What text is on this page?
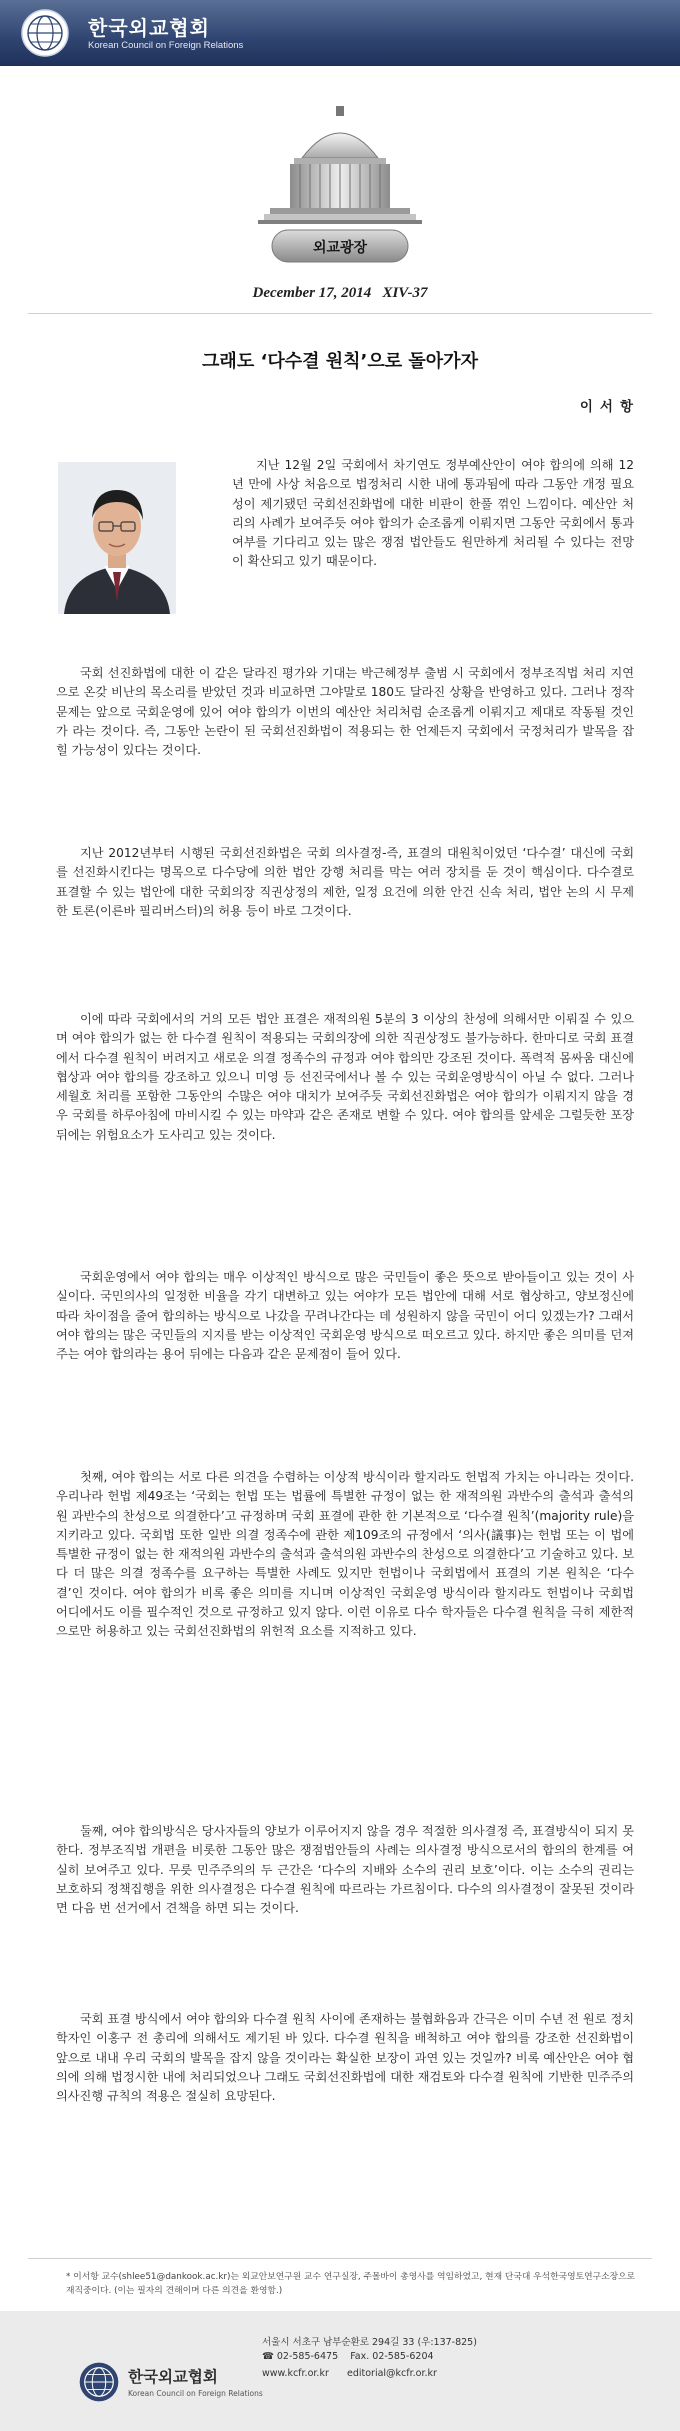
한국외교협회
Korean Council on Foreign Relations
외교광장
December 17, 2014 XIV-37
그래도 ‘다수결 원칙’으로 돌아가자
이서항

지난 12월 2일 국회에서 차기연도 정부예산안이 여야 합의에 의해 12년 만에 사상 처음으로 법정처리 시한 내에 통과됨에 따라 그동안 개정 필요성이 제기됐던 국회선진화법에 대한 비판이 한풀 꺾인 느낌이다. 예산안 처리의 사례가 보여주듯 여야 합의가 순조롭게 이뤄지면 그동안 국회에서 통과여부를 기다리고 있는 많은 쟁점 법안들도 원만하게 처리될 수 있다는 전망이 확산되고 있기 때문이다.

국회 선진화법에 대한 이 같은 달라진 평가와 기대는 박근혜정부 출범 시 국회에서 정부조직법 처리 지연으로 온갖 비난의 목소리를 받았던 것과 비교하면 그야말로 180도 달라진 상황을 반영하고 있다. 그러나 정작 문제는 앞으로 국회운영에 있어 여야 합의가 이번의 예산안 처리처럼 순조롭게 이뤄지고 제대로 작동될 것인가 라는 것이다. 즉, 그동안 논란이 된 국회선진화법이 적용되는 한 언제든지 국회에서 국정처리가 발목을 잡힐 가능성이 있다는 것이다.

지난 2012년부터 시행된 국회선진화법은 국회 의사결정-즉, 표결의 대원칙이었던 ‘다수결’ 대신에 국회를 선진화시킨다는 명목으로 다수당에 의한 법안 강행 처리를 막는 여러 장치를 둔 것이 핵심이다. 다수결로 표결할 수 있는 법안에 대한 국회의장 직권상정의 제한, 일정 요건에 의한 안건 신속 처리, 법안 논의 시 무제한 토론(이른바 필리버스터)의 허용 등이 바로 그것이다.

이에 따라 국회에서의 거의 모든 법안 표결은 재적의원 5분의 3 이상의 찬성에 의해서만 이뤄질 수 있으며 여야 합의가 없는 한 다수결 원칙이 적용되는 국회의장에 의한 직권상정도 불가능하다. 한마디로 국회 표결에서 다수결 원칙이 버려지고 새로운 의결 정족수의 규정과 여야 합의만 강조된 것이다. 폭력적 몸싸움 대신에 협상과 여야 합의를 강조하고 있으니 미영 등 선진국에서나 볼 수 있는 국회운영방식이 아닐 수 없다. 그러나 세월호 처리를 포함한 그동안의 수많은 여야 대치가 보여주듯 국회선진화법은 여야 합의가 이뤄지지 않을 경우 국회를 하루아침에 마비시킬 수 있는 마약과 같은 존재로 변할 수 있다. 여야 합의를 앞세운 그럴듯한 포장 뒤에는 위험요소가 도사리고 있는 것이다.

국회운영에서 여야 합의는 매우 이상적인 방식으로 많은 국민들이 좋은 뜻으로 받아들이고 있는 것이 사실이다. 국민의사의 일정한 비율을 각기 대변하고 있는 여야가 모든 법안에 대해 서로 협상하고, 양보정신에 따라 차이점을 줄여 합의하는 방식으로 나갔을 꾸려나간다는 데 성원하지 않을 국민이 어디 있겠는가? 그래서 여야 합의는 많은 국민들의 지지를 받는 이상적인 국회운영 방식으로 떠오르고 있다. 하지만 좋은 의미를 던져주는 여야 합의라는 용어 뒤에는 다음과 같은 문제점이 들어 있다.

첫째, 여야 합의는 서로 다른 의견을 수렴하는 이상적 방식이라 할지라도 헌법적 가치는 아니라는 것이다. 우리나라 헌법 제49조는 ‘국회는 헌법 또는 법률에 특별한 규정이 없는 한 재적의원 과반수의 출석과 출석의원 과반수의 찬성으로 의결한다’고 규정하며 국회 표결에 관한 한 기본적으로 ‘다수결 원칙’(majority rule)을 지키라고 있다. 국회법 또한 일반 의결 정족수에 관한 제109조의 규정에서 ‘의사(議事)는 헌법 또는 이 법에 특별한 규정이 없는 한 재적의원 과반수의 출석과 출석의원 과반수의 찬성으로 의결한다’고 기술하고 있다. 보다 더 많은 의결 정족수를 요구하는 특별한 사례도 있지만 헌법이나 국회법에서 표결의 기본 원칙은 ‘다수결’인 것이다. 여야 합의가 비록 좋은 의미를 지니며 이상적인 국회운영 방식이라 할지라도 헌법이나 국회법 어디에서도 이를 필수적인 것으로 규정하고 있지 않다. 이런 이유로 다수 학자들은 다수결 원칙을 극히 제한적으로만 허용하고 있는 국회선진화법의 위헌적 요소를 지적하고 있다.

둘째, 여야 합의방식은 당사자들의 양보가 이루어지지 않을 경우 적절한 의사결정 즉, 표결방식이 되지 못한다. 정부조직법 개편을 비롯한 그동안 많은 쟁점법안들의 사례는 의사결정 방식으로서의 합의의 한계를 여실히 보여주고 있다. 무릇 민주주의의 두 근간은 ‘다수의 지배와 소수의 권리 보호’이다. 이는 소수의 권리는 보호하되 정책집행을 위한 의사결정은 다수결 원칙에 따르라는 가르침이다. 다수의 의사결정이 잘못된 것이라면 다음 번 선거에서 견책을 하면 되는 것이다.

국회 표결 방식에서 여야 합의와 다수결 원칙 사이에 존재하는 불협화음과 간극은 이미 수년 전 원로 정치학자인 이홍구 전 총리에 의해서도 제기된 바 있다. 다수결 원칙을 배척하고 여야 합의를 강조한 선진화법이 앞으로 내내 우리 국회의 발목을 잡지 않을 것이라는 확실한 보장이 과연 있는 것일까? 비록 예산안은 여야 협의에 의해 법정시한 내에 처리되었으나 그래도 국회선진화법에 대한 재검토와 다수결 원칙에 기반한 민주주의 의사진행 규칙의 적용은 절실히 요망된다.

* 이서항 교수(shlee51@dankook.ac.kr)는 외교안보연구원 교수 연구실장, 주몰바이 총영사를 역임하였고, 현재 단국대 우석한국영토연구소장으로 재직중이다. (이는 필자의 견해이며 다른 의견을 환영함.)

한국외교협회
Korean Council on Foreign Relations
서울시 서초구 남부순환로 294길 33 (우:137-825)
☎ 02-585-6475 Fax. 02-585-6204
www.kcfr.or.kr editorial@kcfr.or.kr
